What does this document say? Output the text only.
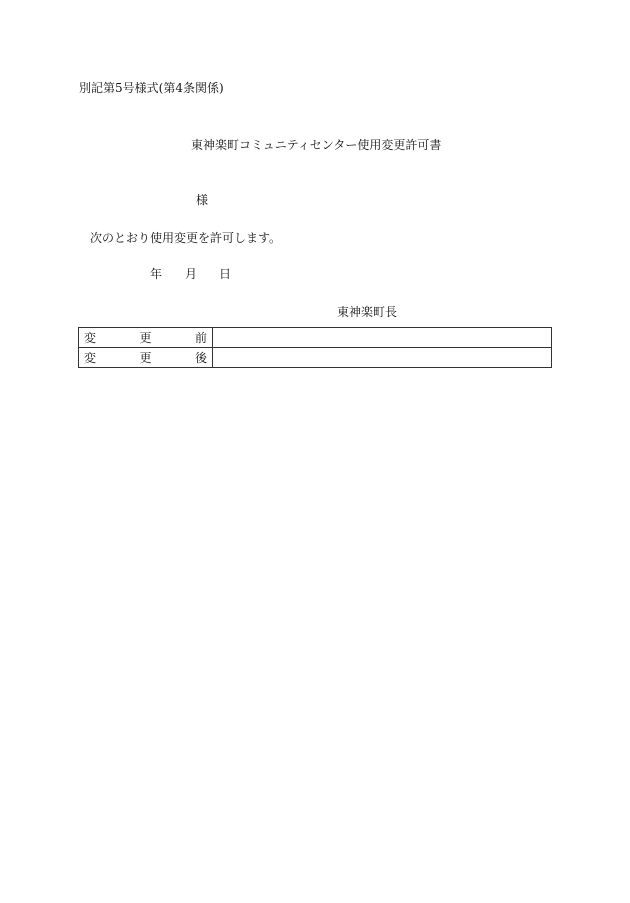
別記第5号様式(第4条関係)
東神楽町コミュニティセンター使用変更許可書
様
次のとおり使用変更を許可します。
年 月 日
東神楽町長
変 更 前	

変 更 後	
